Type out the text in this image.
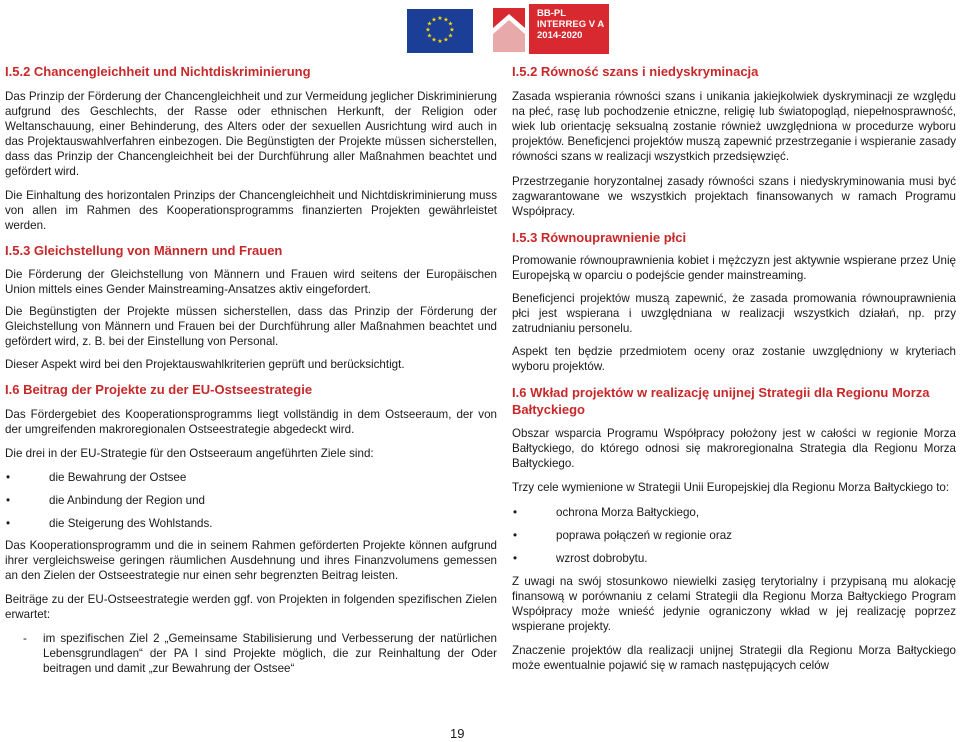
★ ★
★
★
★
★
★
★
★
★
★
★
BB-PL
INTERREG V A
2014-2020
I.5.2 Chancengleichheit und Nichtdiskriminierung

Das Prinzip der Förderung der Chancengleichheit und zur Vermeidung jeglicher Diskriminierung aufgrund des Geschlechts, der Rasse oder ethnischen Herkunft, der Religion oder Weltanschauung, einer Behinderung, des Alters oder der sexuellen Ausrichtung wird auch in das Projektauswahlverfahren einbezogen. Die Begünstigten der Projekte müssen sicherstellen, dass das Prinzip der Chancengleichheit bei der Durchführung aller Maßnahmen beachtet und gefördert wird.

Die Einhaltung des horizontalen Prinzips der Chancengleichheit und Nichtdiskriminierung muss von allen im Rahmen des Kooperationsprogramms finanzierten Projekten gewährleistet werden.

I.5.3 Gleichstellung von Männern und Frauen

Die Förderung der Gleichstellung von Männern und Frauen wird seitens der Europäischen Union mittels eines Gender Mainstreaming-Ansatzes aktiv eingefordert.

Die Begünstigten der Projekte müssen sicherstellen, dass das Prinzip der Förderung der Gleichstellung von Männern und Frauen bei der Durchführung aller Maßnahmen beachtet und gefördert wird, z. B. bei der Einstellung von Personal.

Dieser Aspekt wird bei den Projektauswahlkriterien geprüft und berücksichtigt.

I.6 Beitrag der Projekte zu der EU-Ostseestrategie

Das Fördergebiet des Kooperationsprogramms liegt vollständig in dem Ostseeraum, der von der umgreifenden makroregionalen Ostseestrategie abgedeckt wird.

Die drei in der EU-Strategie für den Ostseeraum angeführten Ziele sind:

• die Bewahrung der Ostsee
• die Anbindung der Region und
• die Steigerung des Wohlstands.

Das Kooperationsprogramm und die in seinem Rahmen geförderten Projekte können aufgrund ihrer vergleichsweise geringen räumlichen Ausdehnung und ihres Finanzvolumens gemessen an den Zielen der Ostseestrategie nur einen sehr begrenzten Beitrag leisten.

Beiträge zu der EU-Ostseestrategie werden ggf. von Projekten in folgenden spezifischen Zielen erwartet:

- im spezifischen Ziel 2 „Gemeinsame Stabilisierung und Verbesserung der natürlichen Lebensgrundlagen“ der PA I sind Projekte möglich, die zur Reinhaltung der Oder beitragen und damit „zur Bewahrung der Ostsee“
I.5.2 Równość szans i niedyskryminacja

Zasada wspierania równości szans i unikania jakiejkolwiek dyskryminacji ze względu na płeć, rasę lub pochodzenie etniczne, religię lub światopogląd, niepełnosprawność, wiek lub orientację seksualną zostanie również uwzględniona w procedurze wyboru projektów. Beneficjenci projektów muszą zapewnić przestrzeganie i wspieranie zasady równości szans w realizacji wszystkich przedsięwzięć.

Przestrzeganie horyzontalnej zasady równości szans i niedyskryminowania musi być zagwarantowane we wszystkich projektach finansowanych w ramach Programu Współpracy.

I.5.3 Równouprawnienie płci

Promowanie równouprawnienia kobiet i mężczyzn jest aktywnie wspierane przez Unię Europejską w oparciu o podejście gender mainstreaming.

Beneficjenci projektów muszą zapewnić, że zasada promowania równouprawnienia płci jest wspierana i uwzględniana w realizacji wszystkich działań, np. przy zatrudnianiu personelu.

Aspekt ten będzie przedmiotem oceny oraz zostanie uwzględniony w kryteriach wyboru projektów.

I.6 Wkład projektów w realizację unijnej Strategii dla Regionu Morza Bałtyckiego

Obszar wsparcia Programu Współpracy położony jest w całości w regionie Morza Bałtyckiego, do którego odnosi się makroregionalna Strategia dla Regionu Morza Bałtyckiego.

Trzy cele wymienione w Strategii Unii Europejskiej dla Regionu Morza Bałtyckiego to:

• ochrona Morza Bałtyckiego,
• poprawa połączeń w regionie oraz
• wzrost dobrobytu.

Z uwagi na swój stosunkowo niewielki zasięg terytorialny i przypisaną mu alokację finansową w porównaniu z celami Strategii dla Regionu Morza Bałtyckiego Program Współpracy może wnieść jedynie ograniczony wkład w jej realizację poprzez wspierane projekty.

Znaczenie projektów dla realizacji unijnej Strategii dla Regionu Morza Bałtyckiego może ewentualnie pojawić się w ramach następujących celów

19
